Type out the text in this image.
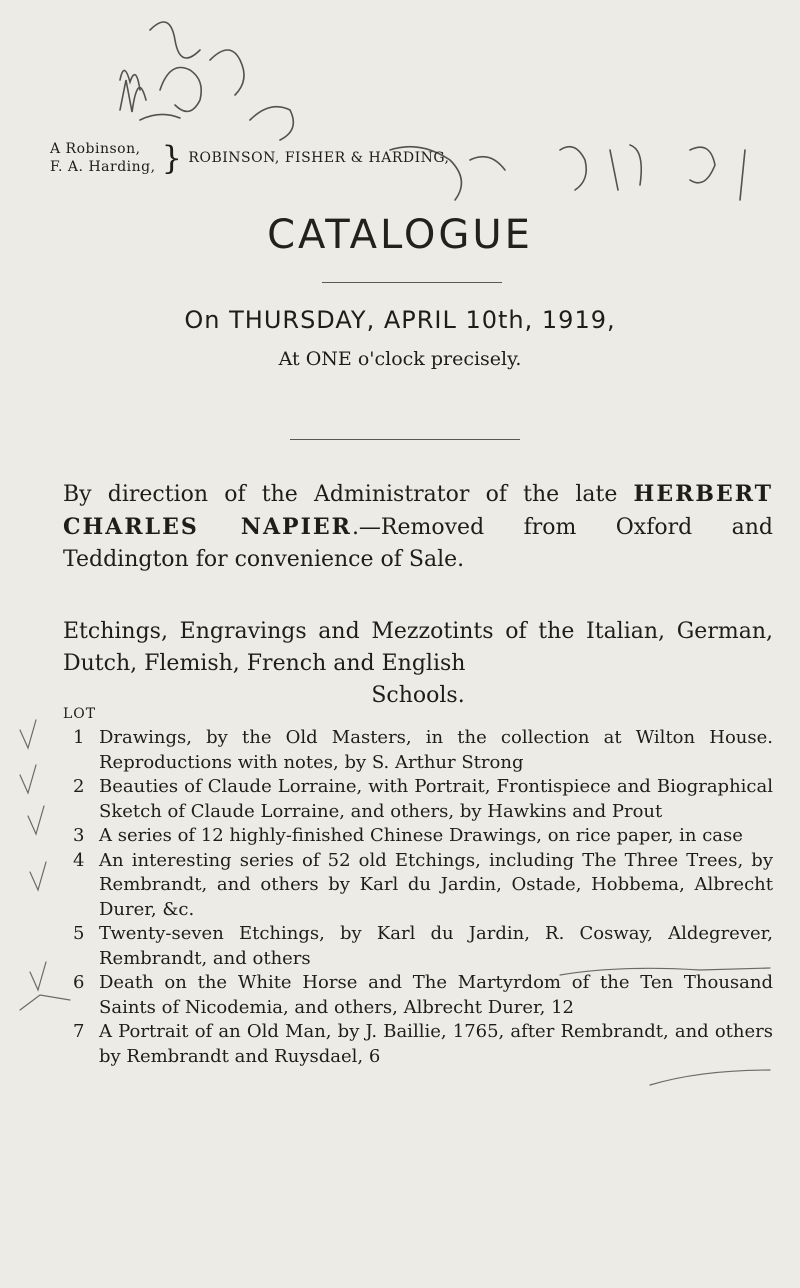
A Robinson,
F. A. Harding, } ROBINSON, FISHER & HARDING,
CATALOGUE
On THURSDAY, APRIL 10th, 1919,
At ONE o'clock precisely.
By direction of the Administrator of the late HERBERT CHARLES NAPIER.—Removed from Oxford and Teddington for convenience of Sale.
Etchings, Engravings and Mezzotints of the Italian, German, Dutch, Flemish, French and English
Schools.
LOT
1 Drawings, by the Old Masters, in the collection at Wilton House. Reproductions with notes, by S. Arthur Strong
2 Beauties of Claude Lorraine, with Portrait, Frontispiece and Biographical Sketch of Claude Lorraine, and others, by Hawkins and Prout
3 A series of 12 highly-finished Chinese Drawings, on rice paper, in case
4 An interesting series of 52 old Etchings, including The Three Trees, by Rembrandt, and others by Karl du Jardin, Ostade, Hobbema, Albrecht Durer, &c.
5 Twenty-seven Etchings, by Karl du Jardin, R. Cosway, Aldegrever, Rembrandt, and others
6 Death on the White Horse and The Martyrdom of the Ten Thousand Saints of Nicodemia, and others, Albrecht Durer, 12
7 A Portrait of an Old Man, by J. Baillie, 1765, after Rembrandt, and others by Rembrandt and Ruysdael, 6
